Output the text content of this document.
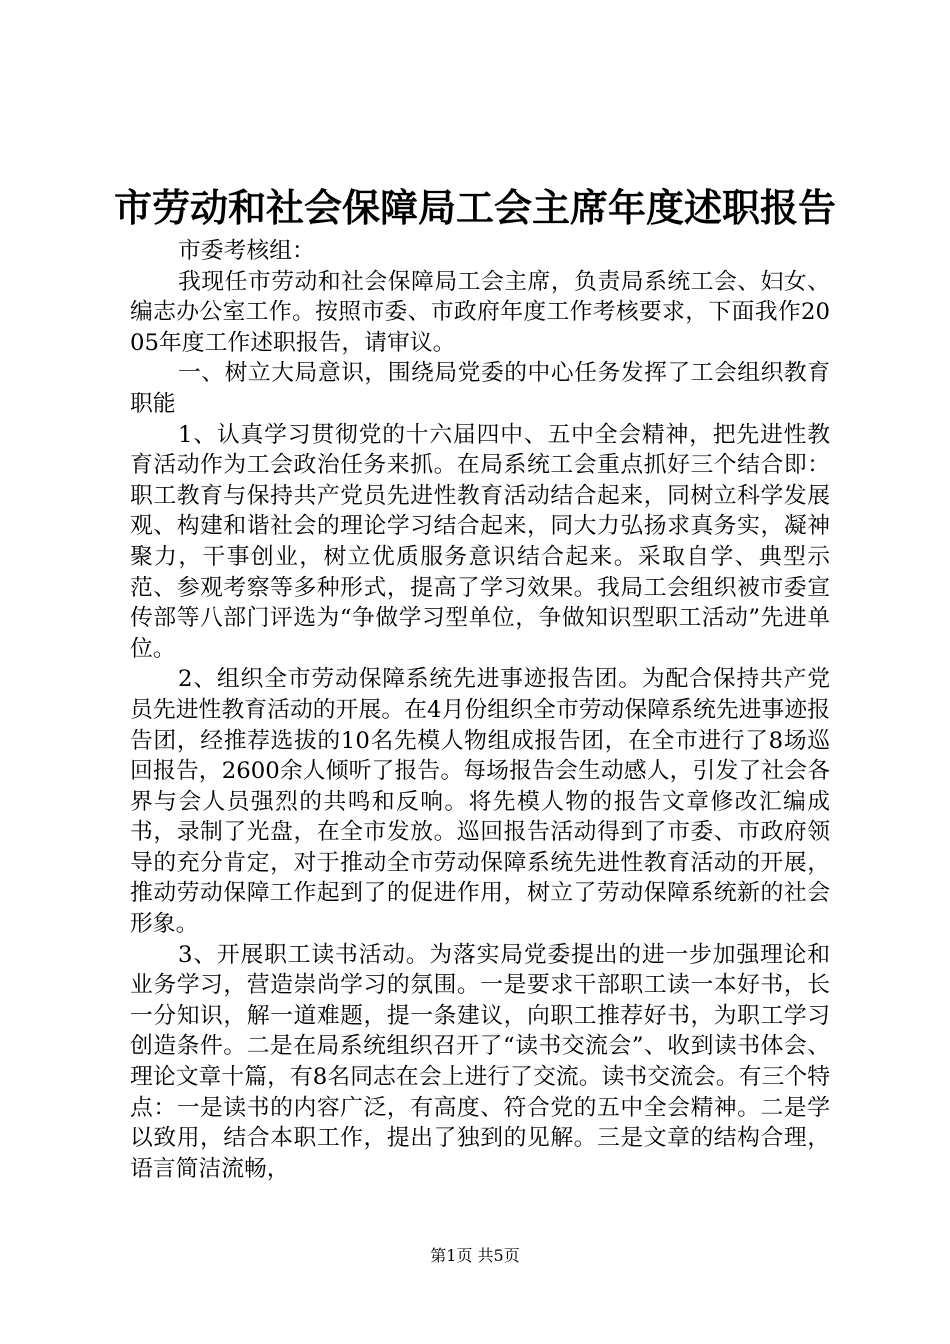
市劳动和社会保障局工会主席年度述职报告

市委考核组：

我现任市劳动和社会保障局工会主席，负责局系统工会、妇女、编志办公室工作。按照市委、市政府年度工作考核要求，下面我作2005年度工作述职报告，请审议。

一、树立大局意识，围绕局党委的中心任务发挥了工会组织教育职能

1、认真学习贯彻党的十六届四中、五中全会精神，把先进性教育活动作为工会政治任务来抓。在局系统工会重点抓好三个结合即：职工教育与保持共产党员先进性教育活动结合起来，同树立科学发展观、构建和谐社会的理论学习结合起来，同大力弘扬求真务实，凝神聚力，干事创业，树立优质服务意识结合起来。采取自学、典型示范、参观考察等多种形式，提高了学习效果。我局工会组织被市委宣传部等八部门评选为“争做学习型单位，争做知识型职工活动”先进单位。

2、组织全市劳动保障系统先进事迹报告团。为配合保持共产党员先进性教育活动的开展。在4月份组织全市劳动保障系统先进事迹报告团，经推荐选拔的10名先模人物组成报告团，在全市进行了8场巡回报告，2600余人倾听了报告。每场报告会生动感人，引发了社会各界与会人员强烈的共鸣和反响。将先模人物的报告文章修改汇编成书，录制了光盘，在全市发放。巡回报告活动得到了市委、市政府领导的充分肯定，对于推动全市劳动保障系统先进性教育活动的开展，推动劳动保障工作起到了的促进作用，树立了劳动保障系统新的社会形象。

3、开展职工读书活动。为落实局党委提出的进一步加强理论和业务学习，营造崇尚学习的氛围。一是要求干部职工读一本好书，长一分知识，解一道难题，提一条建议，向职工推荐好书，为职工学习创造条件。二是在局系统组织召开了“读书交流会”、收到读书体会、理论文章十篇，有8名同志在会上进行了交流。读书交流会。有三个特点：一是读书的内容广泛，有高度、符合党的五中全会精神。二是学以致用，结合本职工作，提出了独到的见解。三是文章的结构合理，语言简洁流畅，

第1页 共5页
